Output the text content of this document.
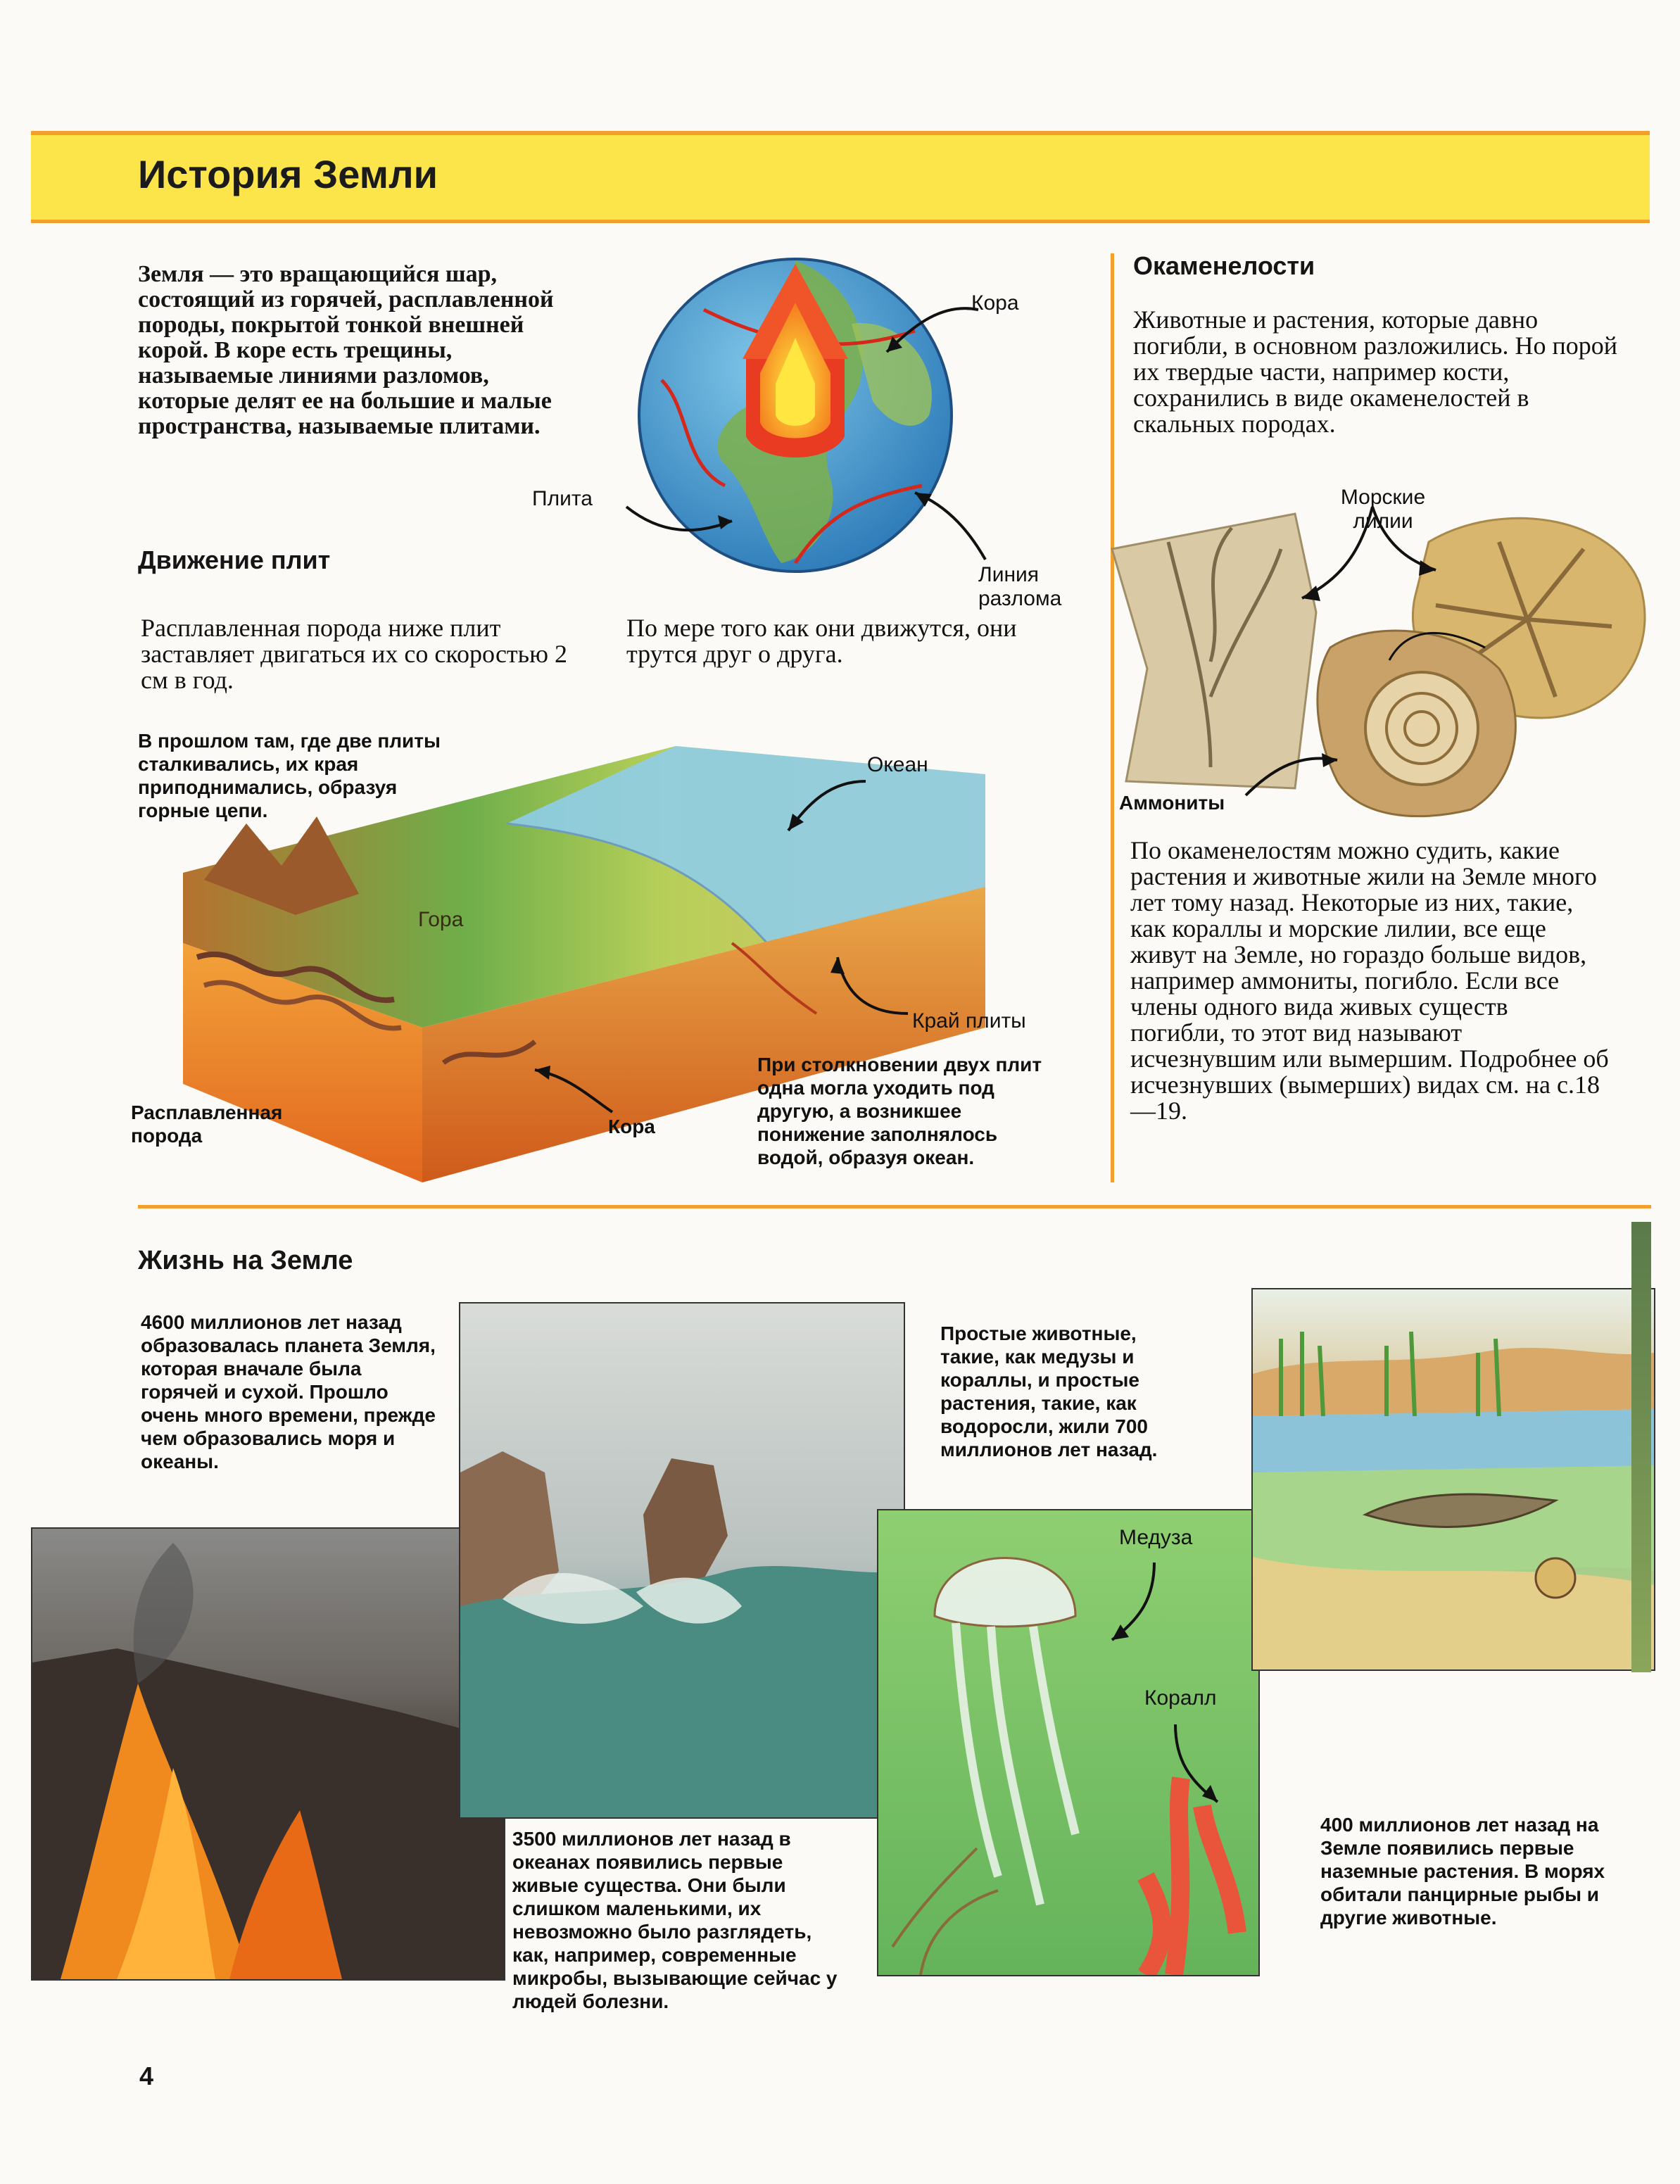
История Земли
Земля — это вращающийся шар, состоящий из горячей, расплавленной породы, покрытой тонкой внешней корой. В коре есть трещины, называемые линиями разломов, которые делят ее на большие и малые пространства, называемые плитами.
Кора
Плита
Линия разлома
Движение плит
Расплавленная порода ниже плит заставляет двигаться их со скоростью 2 см в год.
По мере того как они движутся, они трутся друг о друга.
В прошлом там, где две плиты сталкивались, их края приподнимались, образуя горные цепи.
Океан
Гора
Край плиты
Расплавленная порода	Кора
При столкновении двух плит одна могла уходить под другую, а возникшее понижение заполнялось водой, образуя океан.
Окаменелости
Животные и растения, которые давно погибли, в основном разложились. Но порой их твердые части, например кости, сохранились в виде окаменелостей в скальных породах.
Морские лилии
Аммониты
По окаменелостям можно судить, какие растения и животные жили на Земле много лет тому назад. Некоторые из них, такие, как кораллы и морские лилии, все еще живут на Земле, но гораздо больше видов, например аммониты, погибло. Если все члены одного вида живых существ погибли, то этот вид называют исчезнувшим или вымершим. Подробнее об исчезнувших (вымерших) видах см. на с.18—19.
Жизнь на Земле
4600 миллионов лет назад образовалась планета Земля, которая вначале была горячей и сухой. Прошло очень много времени, прежде чем образовались моря и океаны.
3500 миллионов лет назад в океанах появились первые живые существа. Они были слишком маленькими, их невозможно было разглядеть, как, например, современные микробы, вызывающие сейчас у людей болезни.
Простые животные, такие, как медузы и кораллы, и простые растения, такие, как водоросли, жили 700 миллионов лет назад.
Медуза
Коралл
400 миллионов лет назад на Земле появились первые наземные растения. В морях обитали панцирные рыбы и другие животные.
4
